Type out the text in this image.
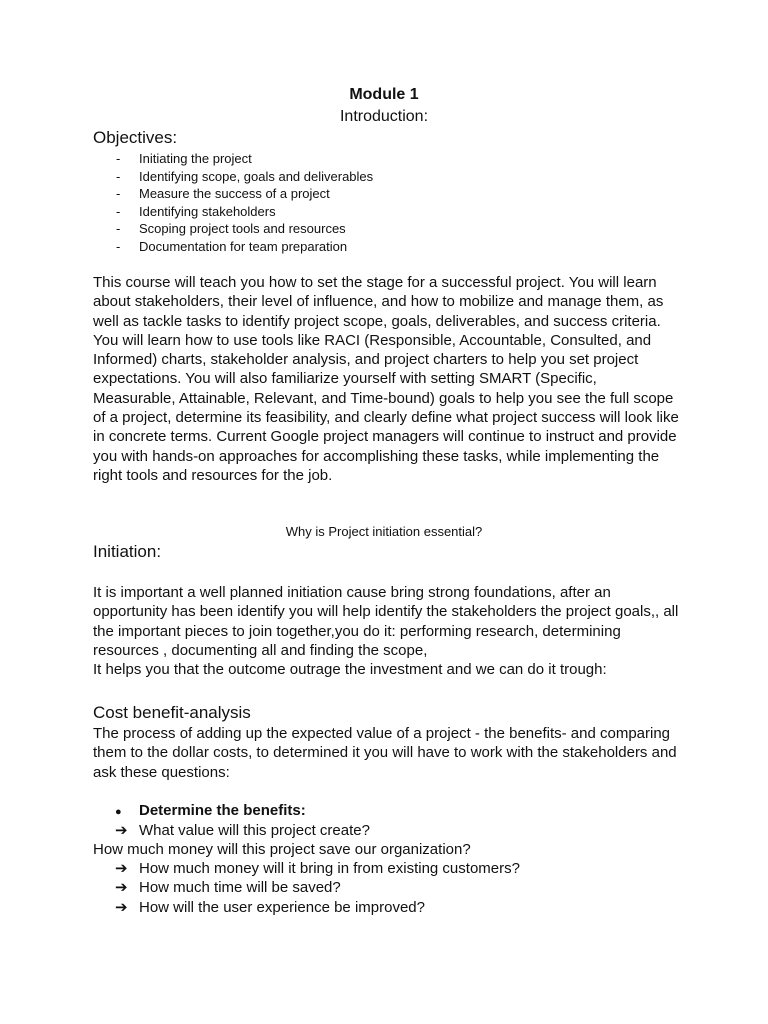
Module 1
Introduction:
Objectives:
- Initiating the project
- Identifying scope, goals and deliverables
- Measure the success of a project
- Identifying stakeholders
- Scoping project tools and resources
- Documentation for team preparation

This course will teach you how to set the stage for a successful project. You will learn about stakeholders, their level of influence, and how to mobilize and manage them, as well as tackle tasks to identify project scope, goals, deliverables, and success criteria. You will learn how to use tools like RACI (Responsible, Accountable, Consulted, and Informed) charts, stakeholder analysis, and project charters to help you set project expectations. You will also familiarize yourself with setting SMART (Specific, Measurable, Attainable, Relevant, and Time-bound) goals to help you see the full scope of a project, determine its feasibility, and clearly define what project success will look like in concrete terms. Current Google project managers will continue to instruct and provide you with hands-on approaches for accomplishing these tasks, while implementing the right tools and resources for the job.

Why is Project initiation essential?
Initiation:

It is important a well planned initiation cause bring strong foundations, after an opportunity has been identify you will help identify the stakeholders the project goals,, all the important pieces to join together,you do it: performing research, determining resources , documenting all and finding the scope,

It helps you that the outcome outrage the investment and we can do it trough:

Cost benefit-analysis

The process of adding up the expected value of a project - the benefits- and comparing them to the dollar costs, to determined it you will have to work with the stakeholders and ask these questions:

●	Determine the benefits:
➔ What value will this project create?
How much money will this project save our organization?
➔ How much money will it bring in from existing customers?
➔ How much time will be saved?
➔ How will the user experience be improved?
